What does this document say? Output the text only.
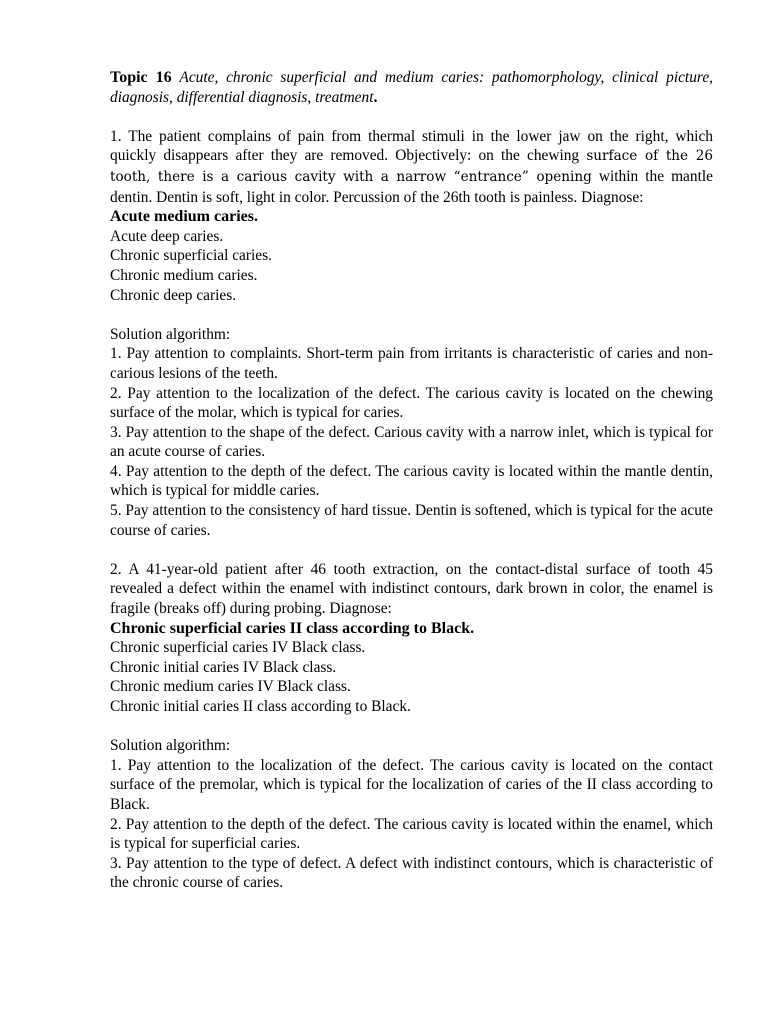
Topic 16 Acute, chronic superficial and medium caries: pathomorphology, clinical picture, diagnosis, differential diagnosis, treatment.

1. The patient complains of pain from thermal stimuli in the lower jaw on the right, which quickly disappears after they are removed. Objectively: on the chewing surface of the 26 tooth, there is a carious cavity with a narrow “entrance” opening within the mantle dentin. Dentin is soft, light in color. Percussion of the 26th tooth is painless. Diagnose:

Acute medium caries.

Acute deep caries.

Chronic superficial caries.

Chronic medium caries.

Chronic deep caries.

Solution algorithm:

1. Pay attention to complaints. Short-term pain from irritants is characteristic of caries and non-carious lesions of the teeth.

2. Pay attention to the localization of the defect. The carious cavity is located on the chewing surface of the molar, which is typical for caries.

3. Pay attention to the shape of the defect. Carious cavity with a narrow inlet, which is typical for an acute course of caries.

4. Pay attention to the depth of the defect. The carious cavity is located within the mantle dentin, which is typical for middle caries.

5. Pay attention to the consistency of hard tissue. Dentin is softened, which is typical for the acute course of caries.

2. A 41-year-old patient after 46 tooth extraction, on the contact-distal surface of tooth 45 revealed a defect within the enamel with indistinct contours, dark brown in color, the enamel is fragile (breaks off) during probing. Diagnose:

Chronic superficial caries ІІ class according to Black.

Chronic superficial caries IV Black class.

Chronic initial caries IV Black class.

Chronic medium caries IV Black class.

Chronic initial caries ІІ class according to Black.

Solution algorithm:

1. Pay attention to the localization of the defect. The carious cavity is located on the contact surface of the premolar, which is typical for the localization of caries of the II class according to Black.

2. Pay attention to the depth of the defect. The carious cavity is located within the enamel, which is typical for superficial caries.

3. Pay attention to the type of defect. A defect with indistinct contours, which is characteristic of the chronic course of caries.
